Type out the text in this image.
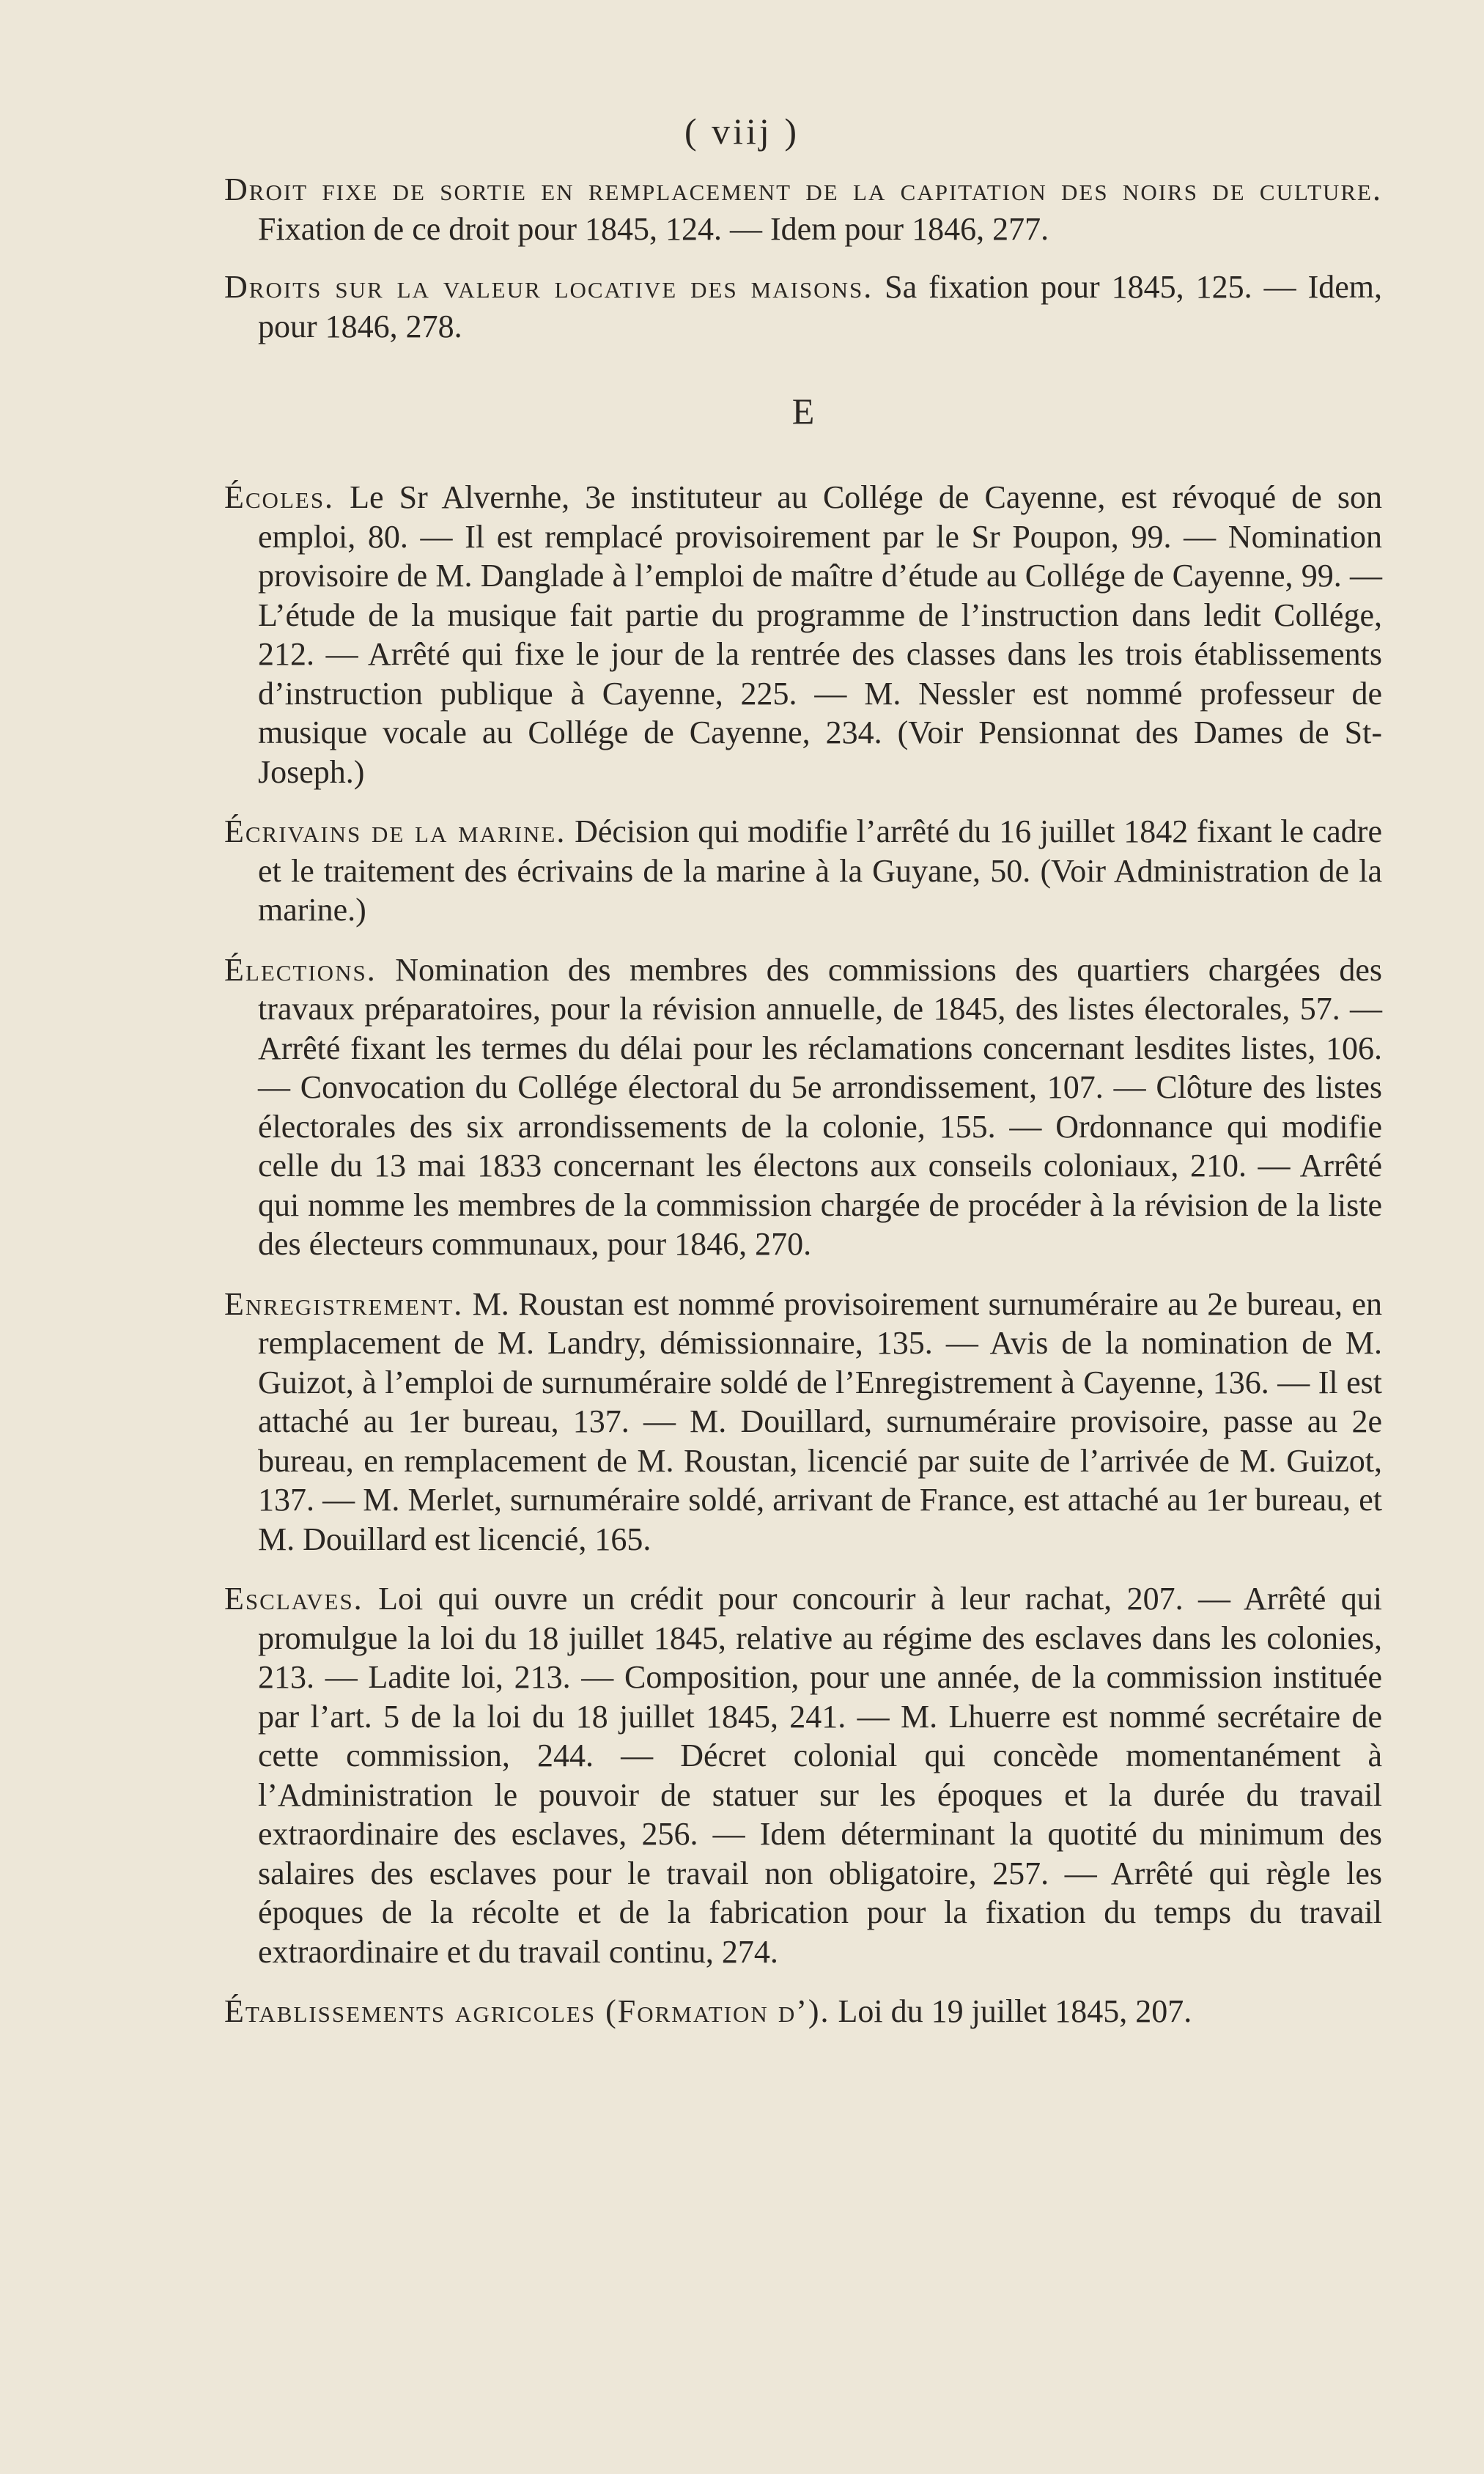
( viij )

Droit fixe de sortie en remplacement de la capitation des noirs de culture. Fixation de ce droit pour 1845, 124. — Idem pour 1846, 277.

Droits sur la valeur locative des maisons. Sa fixation pour 1845, 125. — Idem, pour 1846, 278.

E

Écoles. Le Sr Alvernhe, 3e instituteur au Collége de Cayenne, est révoqué de son emploi, 80. — Il est remplacé provisoirement par le Sr Poupon, 99. — Nomination provisoire de M. Danglade à l’emploi de maître d’étude au Collége de Cayenne, 99. — L’étude de la musique fait partie du programme de l’instruction dans ledit Collége, 212. — Arrêté qui fixe le jour de la rentrée des classes dans les trois établissements d’instruction publique à Cayenne, 225. — M. Nessler est nommé professeur de musique vocale au Collége de Cayenne, 234. (Voir Pensionnat des Dames de St-Joseph.)

Écrivains de la marine. Décision qui modifie l’arrêté du 16 juillet 1842 fixant le cadre et le traitement des écrivains de la marine à la Guyane, 50. (Voir Administration de la marine.)

Élections. Nomination des membres des commissions des quartiers chargées des travaux préparatoires, pour la révision annuelle, de 1845, des listes électorales, 57. — Arrêté fixant les termes du délai pour les réclamations concernant lesdites listes, 106. — Convocation du Collége électoral du 5e arrondissement, 107. — Clôture des listes électorales des six arrondissements de la colonie, 155. — Ordonnance qui modifie celle du 13 mai 1833 concernant les électons aux conseils coloniaux, 210. — Arrêté qui nomme les membres de la commission chargée de procéder à la révision de la liste des électeurs communaux, pour 1846, 270.

Enregistrement. M. Roustan est nommé provisoirement surnuméraire au 2e bureau, en remplacement de M. Landry, démissionnaire, 135. — Avis de la nomination de M. Guizot, à l’emploi de surnuméraire soldé de l’Enregistrement à Cayenne, 136. — Il est attaché au 1er bureau, 137. — M. Douillard, surnuméraire provisoire, passe au 2e bureau, en remplacement de M. Roustan, licencié par suite de l’arrivée de M. Guizot, 137. — M. Merlet, surnuméraire soldé, arrivant de France, est attaché au 1er bureau, et M. Douillard est licencié, 165.

Esclaves. Loi qui ouvre un crédit pour concourir à leur rachat, 207. — Arrêté qui promulgue la loi du 18 juillet 1845, relative au régime des esclaves dans les colonies, 213. — Ladite loi, 213. — Composition, pour une année, de la commission instituée par l’art. 5 de la loi du 18 juillet 1845, 241. — M. Lhuerre est nommé secrétaire de cette commission, 244. — Décret colonial qui concède momentanément à l’Administration le pouvoir de statuer sur les époques et la durée du travail extraordinaire des esclaves, 256. — Idem déterminant la quotité du minimum des salaires des esclaves pour le travail non obligatoire, 257. — Arrêté qui règle les époques de la récolte et de la fabrication pour la fixation du temps du travail extraordinaire et du travail continu, 274.

Établissements agricoles (Formation d’). Loi du 19 juillet 1845, 207.
